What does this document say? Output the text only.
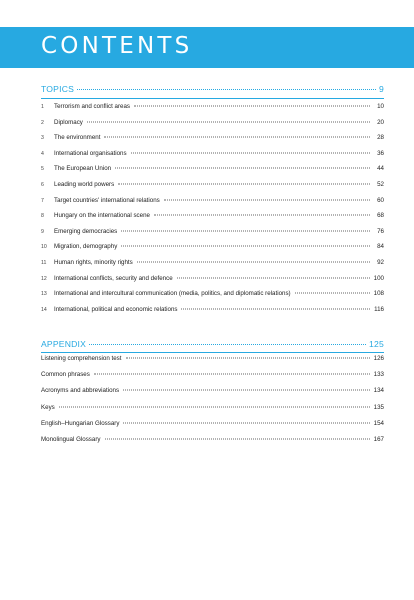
CONTENTS
TOPICS	9
1	Terrorism and conflict areas	10
2	Diplomacy	20
3	The environment	28
4	International organisations	36
5	The European Union	44
6	Leading world powers	52
7	Target countries' international relations	60
8	Hungary on the international scene	68
9	Emerging democracies	76
10	Migration, demography	84
11	Human rights, minority rights	92
12	International conflicts, security and defence	100
13	International and intercultural communication (media, politics, and diplomatic relations)	108
14	International, political and economic relations	116
APPENDIX	125
Listening comprehension test	126
Common phrases	133
Acronyms and abbreviations	134
Keys	135
English–Hungarian Glossary	154
Monolingual Glossary	167
